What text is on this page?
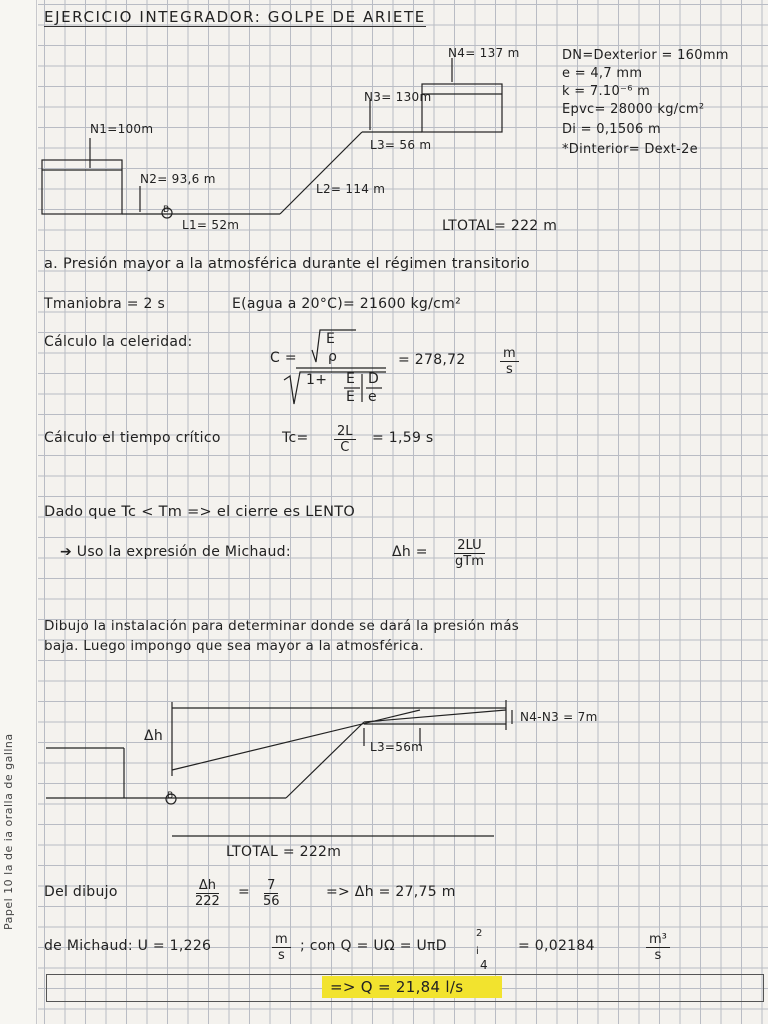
Papel 10 la de ia oralla de gallna
EJERCICIO INTEGRADOR: GOLPE DE ARIETE
N4= 137 m
N3= 130m
N1=100m
N2= 93,6 m
L3= 56 m
L2= 114 m
L1= 52m
B
LTOTAL= 222 m
DN=Dexterior = 160mm
e = 4,7 mm
k = 7.10⁻⁶ m
Epvc= 28000 kg/cm²
Di = 0,1506 m
*Dinterior= Dext-2e
a. Presión mayor a la atmosférica durante el régimen transitorio
Tmaniobra = 2 s	E(agua a 20°C)= 21600 kg/cm²
Cálculo la celeridad:
C =
E
ρ
1+ E
E
D
e
= 278,72	$\frac{m}{s}$
Cálculo el tiempo crítico	$Tc= \frac{2L}{C} = 1,59$ s
Dado que Tc < Tm => el cierre es LENTO
➔ Uso la expresión de Michaud:	Δh = 2LU
gTm
Dibujo la instalación para determinar donde se dará la presión más
baja. Luego impongo que sea mayor a la atmosférica.
Δh
N4-N3 = 7m
L3=56m
B
LTOTAL = 222m
Del dibujo	$\frac{\Delta h}{222} = \frac{7}{56}$	=> Δh = 27,75 m
de Michaud: U = 1,226	$\frac{m}{s}$ ; con Q = UΩ = UπD
2
i
4
= 0,02184	$\frac{\text{m³}}{s}$
=> Q = 21,84 l/s
